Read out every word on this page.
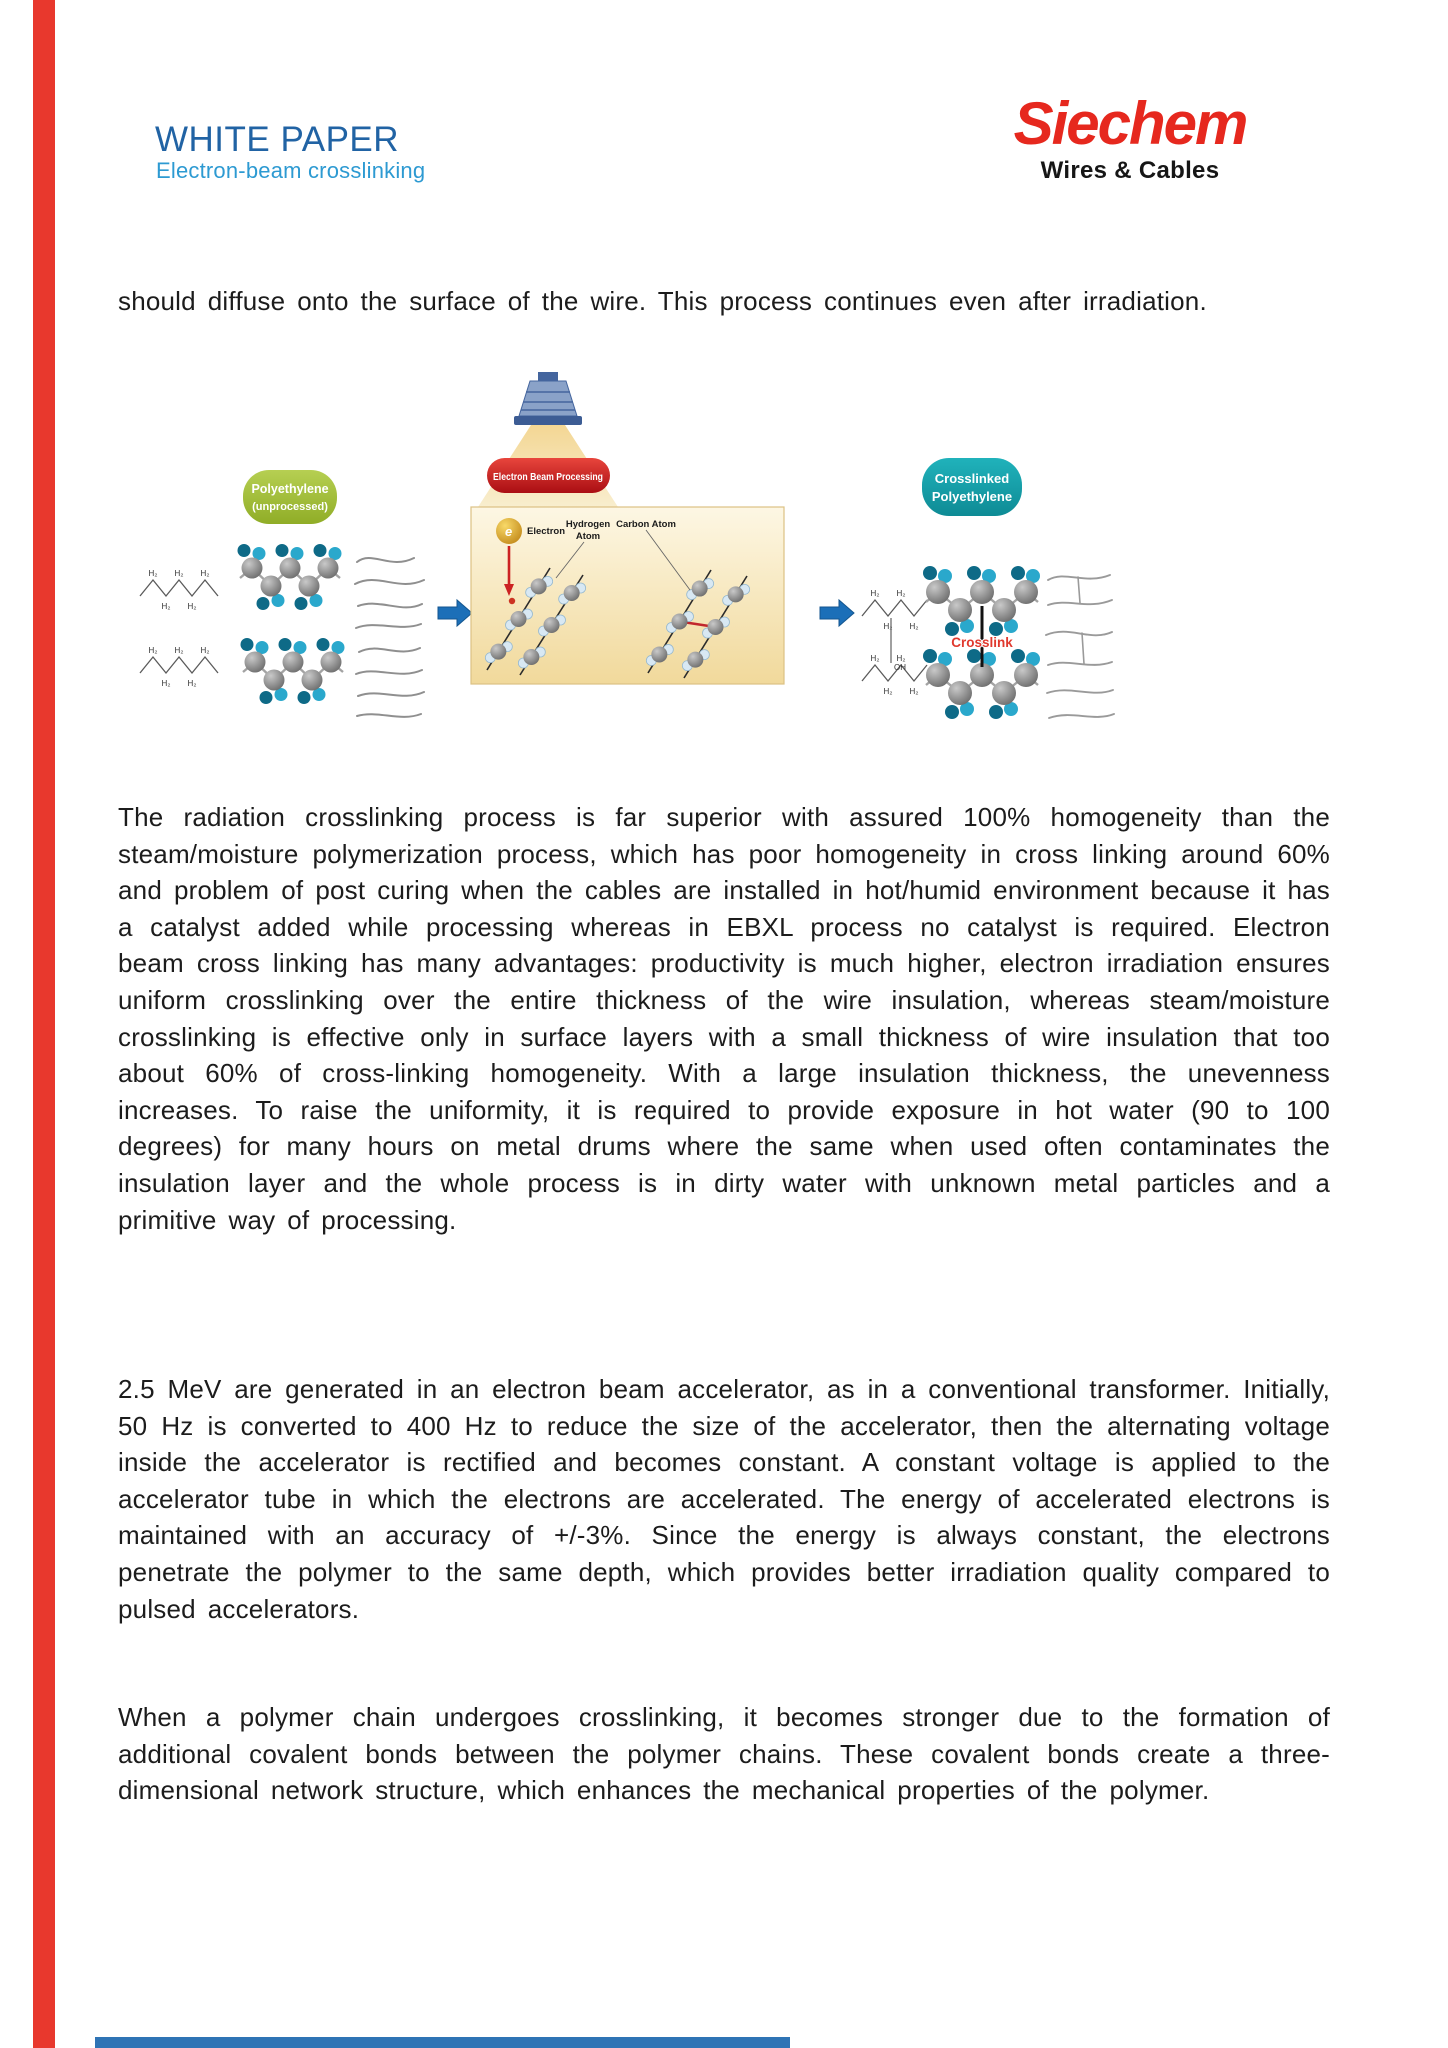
WHITE PAPER
Electron-beam crosslinking
Siechem
Wires & Cables

should diffuse onto the surface of the wire. This process continues even after irradiation.

H₂
H₂
H₂
H₂
H₂
H₂
H₂
H₂
H₂
H₂
Polyethylene
(unprocessed)
Electron Beam Processing
e Electron
Hydrogen
Atom
Carbon Atom
Crosslinked
Polyethylene
H₂
H₂
H₂
H₂
H₂
H₂
H₂
H₂
OH
Crosslink

The radiation crosslinking process is far superior with assured 100% homogeneity than the steam/moisture polymerization process, which has poor homogeneity in cross linking around 60% and problem of post curing when the cables are installed in hot/humid environment because it has a catalyst added while processing whereas in EBXL process no catalyst is required. Electron beam cross linking has many advantages: productivity is much higher, electron irradiation ensures uniform crosslinking over the entire thickness of the wire insulation, whereas steam/moisture crosslinking is effective only in surface layers with a small thickness of wire insulation that too about 60% of cross-linking homogeneity. With a large insulation thickness, the unevenness increases. To raise the uniformity, it is required to provide exposure in hot water (90 to 100 degrees) for many hours on metal drums where the same when used often contaminates the insulation layer and the whole process is in dirty water with unknown metal particles and a primitive way of processing.

2.5 MeV are generated in an electron beam accelerator, as in a conventional transformer. Initially, 50 Hz is converted to 400 Hz to reduce the size of the accelerator, then the alternating voltage inside the accelerator is rectified and becomes constant. A constant voltage is applied to the accelerator tube in which the electrons are accelerated. The energy of accelerated electrons is maintained with an accuracy of +/-3%. Since the energy is always constant, the electrons penetrate the polymer to the same depth, which provides better irradiation quality compared to pulsed accelerators.

When a polymer chain undergoes crosslinking, it becomes stronger due to the formation of additional covalent bonds between the polymer chains. These covalent bonds create a three-dimensional network structure, which enhances the mechanical properties of the polymer.
